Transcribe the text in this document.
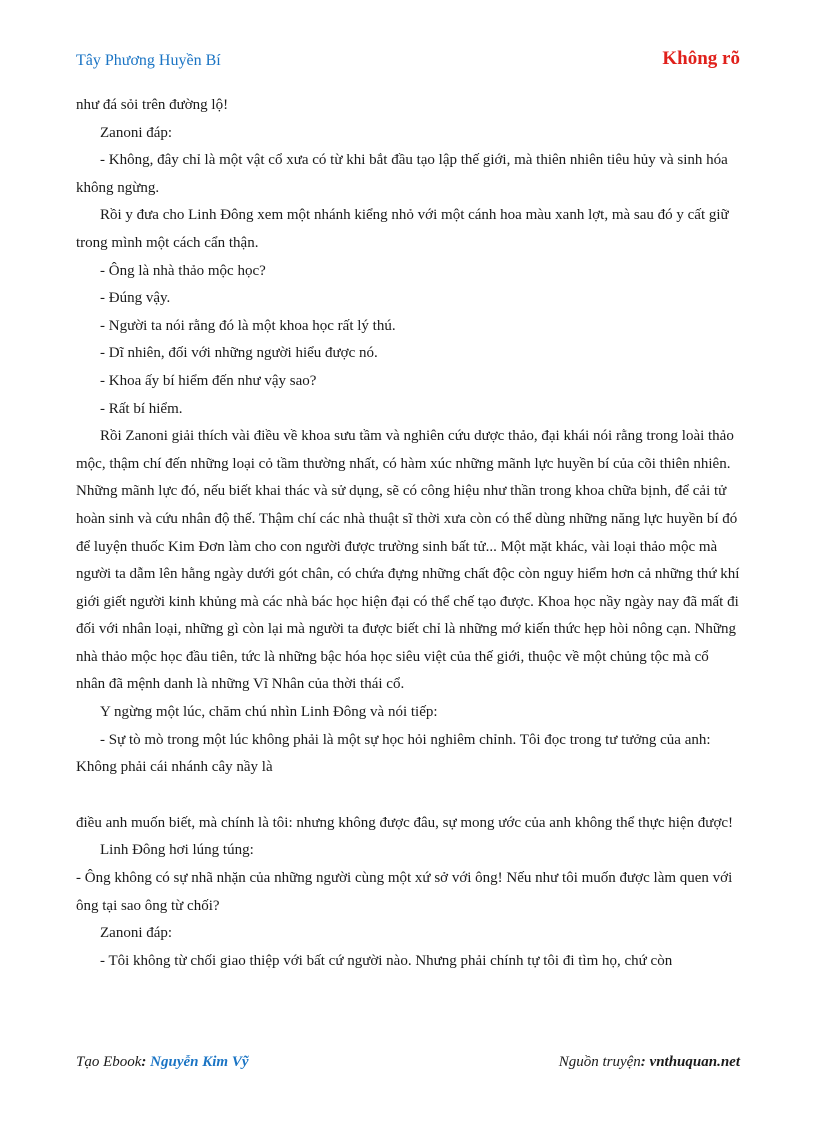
Tây Phương Huyền Bí	Không rõ

như đá sỏi trên đường lộ!

Zanoni đáp:

- Không, đây chỉ là một vật cổ xưa có từ khi bắt đầu tạo lập thế giới, mà thiên nhiên tiêu hủy và sinh hóa không ngừng.

Rồi y đưa cho Linh Đông xem một nhánh kiểng nhỏ với một cánh hoa màu xanh lợt, mà sau đó y cất giữ trong mình một cách cẩn thận.

- Ông là nhà thảo mộc học?

- Đúng vậy.

- Người ta nói rằng đó là một khoa học rất lý thú.

- Dĩ nhiên, đối với những người hiểu được nó.

- Khoa ấy bí hiểm đến như vậy sao?

- Rất bí hiểm.

Rồi Zanoni giải thích vài điều về khoa sưu tầm và nghiên cứu dược thảo, đại khái nói rằng trong loài thảo mộc, thậm chí đến những loại cỏ tầm thường nhất, có hàm xúc những mãnh lực huyền bí của cõi thiên nhiên. Những mãnh lực đó, nếu biết khai thác và sử dụng, sẽ có công hiệu như thần trong khoa chữa bịnh, để cải tử hoàn sinh và cứu nhân độ thế. Thậm chí các nhà thuật sĩ thời xưa còn có thể dùng những năng lực huyền bí đó để luyện thuốc Kim Đơn làm cho con người được trường sinh bất tử... Một mặt khác, vài loại thảo mộc mà người ta dẫm lên hằng ngày dưới gót chân, có chứa đựng những chất độc còn nguy hiểm hơn cả những thứ khí giới giết người kinh khủng mà các nhà bác học hiện đại có thể chế tạo được. Khoa học nầy ngày nay đã mất đi đối với nhân loại, những gì còn lại mà người ta được biết chỉ là những mớ kiến thức hẹp hòi nông cạn. Những nhà thảo mộc học đầu tiên, tức là những bậc hóa học siêu việt của thế giới, thuộc về một chủng tộc mà cổ nhân đã mệnh danh là những Vĩ Nhân của thời thái cổ.

Y ngừng một lúc, chăm chú nhìn Linh Đông và nói tiếp:

- Sự tò mò trong một lúc không phải là một sự học hỏi nghiêm chỉnh. Tôi đọc trong tư tưởng của anh: Không phải cái nhánh cây nầy là

điều anh muốn biết, mà chính là tôi: nhưng không được đâu, sự mong ước của anh không thể thực hiện được!

Linh Đông hơi lúng túng:

- Ông không có sự nhã nhặn của những người cùng một xứ sở với ông! Nếu như tôi muốn được làm quen với ông tại sao ông từ chối?

Zanoni đáp:

- Tôi không từ chối giao thiệp với bất cứ người nào. Nhưng phải chính tự tôi đi tìm họ, chứ còn

Tạo Ebook: Nguyễn Kim Vỹ	Nguồn truyện: vnthuquan.net
